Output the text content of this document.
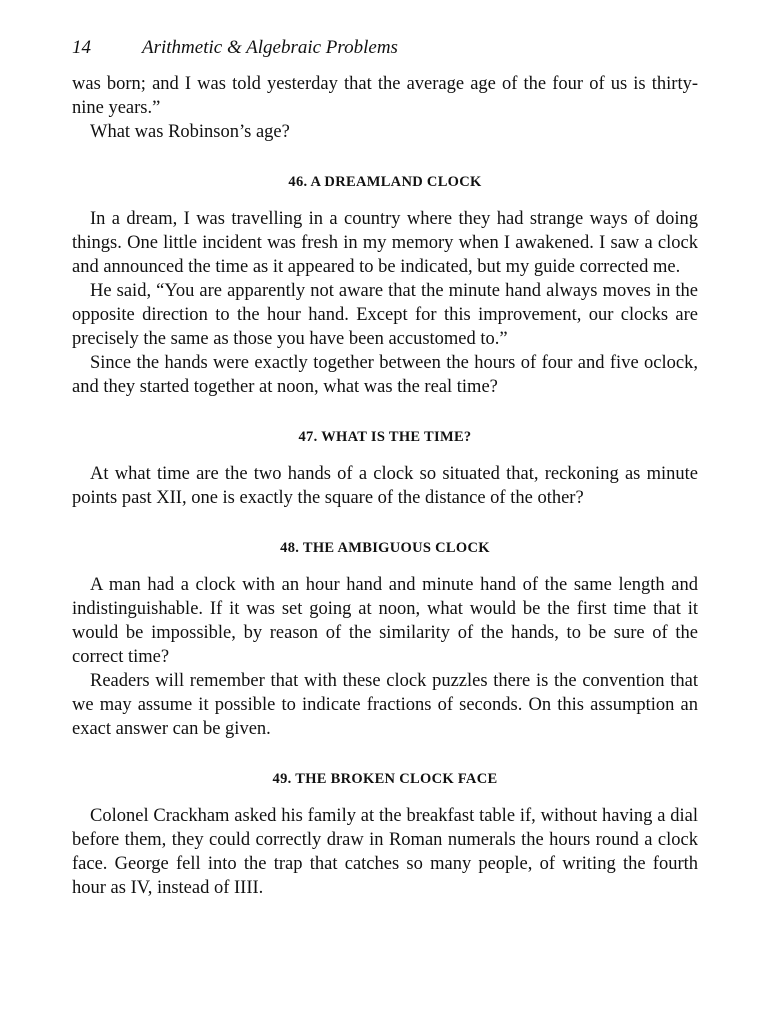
14	Arithmetic & Algebraic Problems

was born; and I was told yesterday that the average age of the four of us is thirty-nine years.”

What was Robinson’s age?

46. A DREAMLAND CLOCK

In a dream, I was travelling in a country where they had strange ways of doing things. One little incident was fresh in my memory when I awakened. I saw a clock and announced the time as it appeared to be indicated, but my guide corrected me.

He said, “You are apparently not aware that the minute hand always moves in the opposite direction to the hour hand. Except for this improvement, our clocks are precisely the same as those you have been accustomed to.”

Since the hands were exactly together between the hours of four and five oclock, and they started together at noon, what was the real time?

47. WHAT IS THE TIME?

At what time are the two hands of a clock so situated that, reckoning as minute points past XII, one is exactly the square of the distance of the other?

48. THE AMBIGUOUS CLOCK

A man had a clock with an hour hand and minute hand of the same length and indistinguishable. If it was set going at noon, what would be the first time that it would be impossible, by reason of the similarity of the hands, to be sure of the correct time?

Readers will remember that with these clock puzzles there is the convention that we may assume it possible to indicate fractions of seconds. On this assumption an exact answer can be given.

49. THE BROKEN CLOCK FACE

Colonel Crackham asked his family at the breakfast table if, without having a dial before them, they could correctly draw in Roman numerals the hours round a clock face. George fell into the trap that catches so many people, of writing the fourth hour as IV, instead of IIII.
